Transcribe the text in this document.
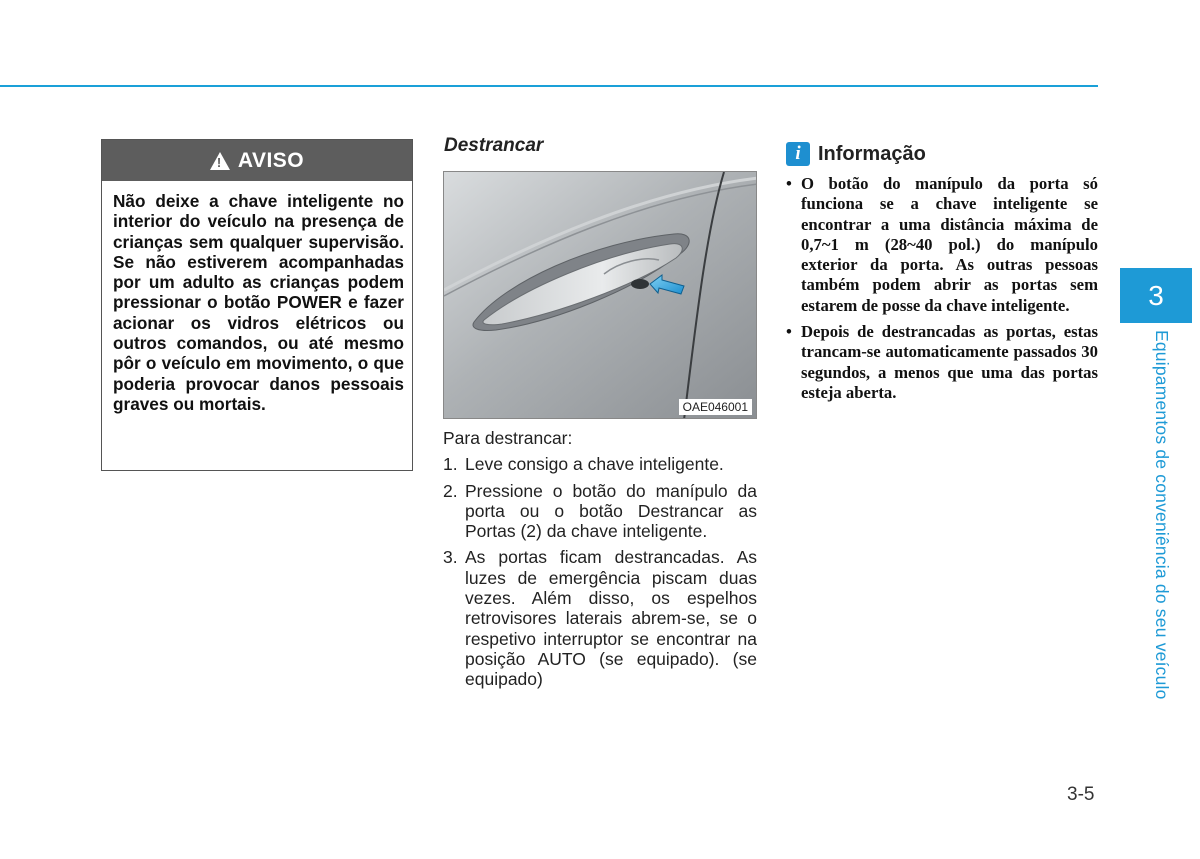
!
AVISO
Não deixe a chave inteligente no interior do veículo na presença de crianças sem qualquer supervisão. Se não estiverem acompanhadas por um adulto as crianças podem pressionar o botão POWER e fazer acionar os vidros elétricos ou outros comandos, ou até mesmo pôr o veículo em movimento, o que poderia provocar danos pessoais graves ou mortais.
Destrancar
OAE046001
Para destrancar:
1. Leve consigo a chave inteligente.
2. Pressione o botão do manípulo da porta ou o botão Destrancar as Portas (2) da chave inteligente.
3. As portas ficam destrancadas. As luzes de emergência piscam duas vezes. Além disso, os espelhos retrovisores laterais abrem-se, se o respetivo interruptor se encontrar na posição AUTO (se equipado). (se equipado)
i Informação
• O botão do manípulo da porta só funciona se a chave inteligente se encontrar a uma distância máxima de 0,7~1 m (28~40 pol.) do manípulo exterior da porta. As outras pessoas também podem abrir as portas sem estarem de posse da chave inteligente.
• Depois de destrancadas as portas, estas trancam-se automaticamente passados 30 segundos, a menos que uma das portas esteja aberta.
3
Equipamentos de conveniência do seu veículo
3-5
